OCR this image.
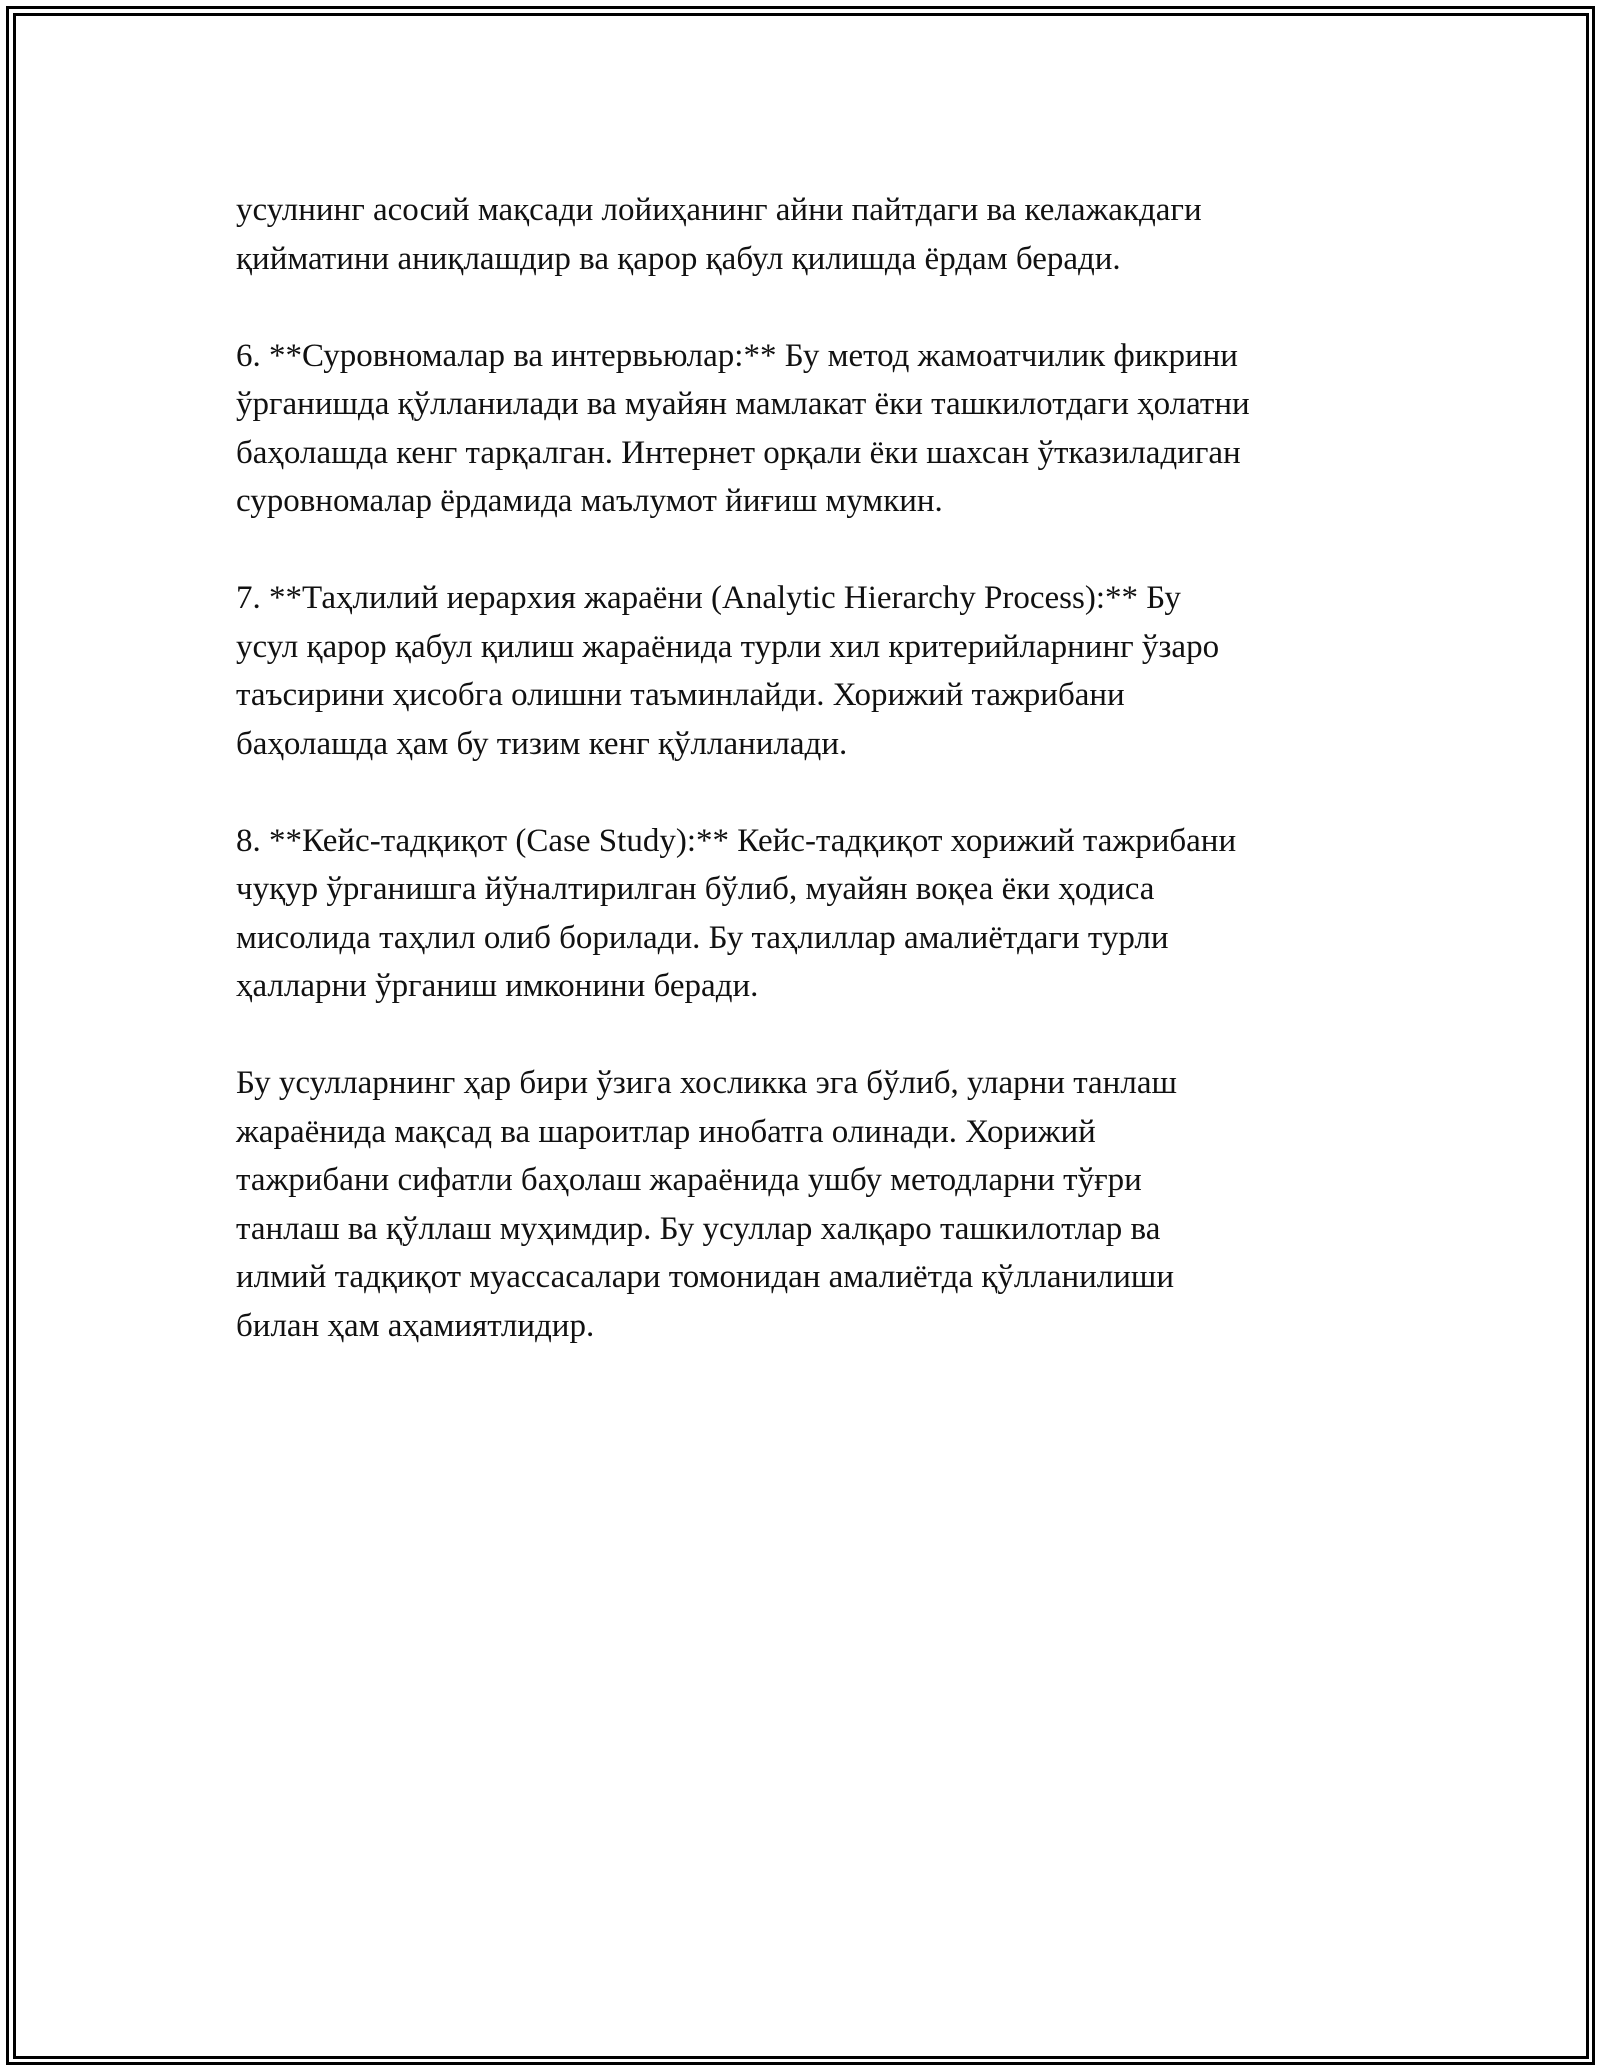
усулнинг асосий мақсади лойиҳанинг айни пайтдаги ва келажакдаги
қийматини аниқлашдир ва қарор қабул қилишда ёрдам беради.

6. **Суровномалар ва интервьюлар:** Бу метод жамоатчилик фикрини
ўрганишда қўлланилади ва муайян мамлакат ёки ташкилотдаги ҳолатни
баҳолашда кенг тарқалган. Интернет орқали ёки шахсан ўтказиладиган
суровномалар ёрдамида маълумот йиғиш мумкин.

7. **Таҳлилий иерархия жараёни (Analytic Hierarchy Process):** Бу
усул қарор қабул қилиш жараёнида турли хил критерийларнинг ўзаро
таъсирини ҳисобга олишни таъминлайди. Хорижий тажрибани
баҳолашда ҳам бу тизим кенг қўлланилади.

8. **Кейс-тадқиқот (Case Study):** Кейс-тадқиқот хорижий тажрибани
чуқур ўрганишга йўналтирилган бўлиб, муайян воқеа ёки ҳодиса
мисолида таҳлил олиб борилади. Бу таҳлиллар амалиётдаги турли
ҳалларни ўрганиш имконини беради.

Бу усулларнинг ҳар бири ўзига хосликка эга бўлиб, уларни танлаш
жараёнида мақсад ва шароитлар инобатга олинади. Хорижий
тажрибани сифатли баҳолаш жараёнида ушбу методларни тўғри
танлаш ва қўллаш муҳимдир. Бу усуллар халқаро ташкилотлар ва
илмий тадқиқот муассасалари томонидан амалиётда қўлланилиши
билан ҳам аҳамиятлидир.
